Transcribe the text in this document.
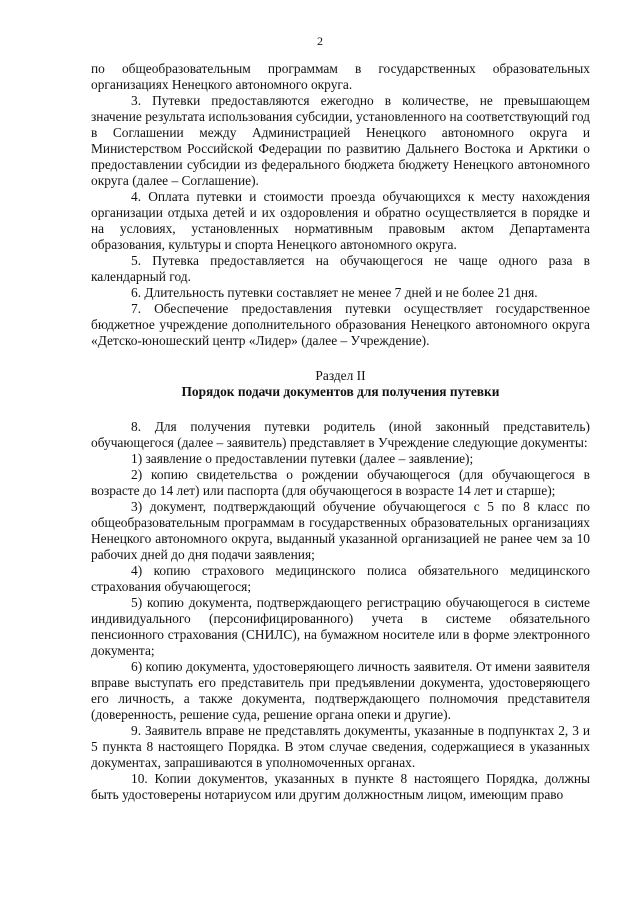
2

по общеобразовательным программам в государственных образовательных организациях Ненецкого автономного округа.

3. Путевки предоставляются ежегодно в количестве, не превышающем значение результата использования субсидии, установленного на соответствующий год в Соглашении между Администрацией Ненецкого автономного округа и Министерством Российской Федерации по развитию Дальнего Востока и Арктики о предоставлении субсидии из федерального бюджета бюджету Ненецкого автономного округа (далее – Соглашение).

4. Оплата путевки и стоимости проезда обучающихся к месту нахождения организации отдыха детей и их оздоровления и обратно осуществляется в порядке и на условиях, установленных нормативным правовым актом Департамента образования, культуры и спорта Ненецкого автономного округа.

5. Путевка предоставляется на обучающегося не чаще одного раза в календарный год.

6. Длительность путевки составляет не менее 7 дней и не более 21 дня.

7. Обеспечение предоставления путевки осуществляет государственное бюджетное учреждение дополнительного образования Ненецкого автономного округа «Детско-юношеский центр «Лидер» (далее – Учреждение).

Раздел II

Порядок подачи документов для получения путевки

8. Для получения путевки родитель (иной законный представитель) обучающегося (далее – заявитель) представляет в Учреждение следующие документы:

1) заявление о предоставлении путевки (далее – заявление);

2) копию свидетельства о рождении обучающегося (для обучающегося в возрасте до 14 лет) или паспорта (для обучающегося в возрасте 14 лет и старше);

3) документ, подтверждающий обучение обучающегося с 5 по 8 класс по общеобразовательным программам в государственных образовательных организациях Ненецкого автономного округа, выданный указанной организацией не ранее чем за 10 рабочих дней до дня подачи заявления;

4) копию страхового медицинского полиса обязательного медицинского страхования обучающегося;

5) копию документа, подтверждающего регистрацию обучающегося в системе индивидуального (персонифицированного) учета в системе обязательного пенсионного страхования (СНИЛС), на бумажном носителе или в форме электронного документа;

6) копию документа, удостоверяющего личность заявителя. От имени заявителя вправе выступать его представитель при предъявлении документа, удостоверяющего его личность, а также документа, подтверждающего полномочия представителя (доверенность, решение суда, решение органа опеки и другие).

9. Заявитель вправе не представлять документы, указанные в подпунктах 2, 3 и 5 пункта 8 настоящего Порядка. В этом случае сведения, содержащиеся в указанных документах, запрашиваются в уполномоченных органах.

10. Копии документов, указанных в пункте 8 настоящего Порядка, должны быть удостоверены нотариусом или другим должностным лицом, имеющим право
